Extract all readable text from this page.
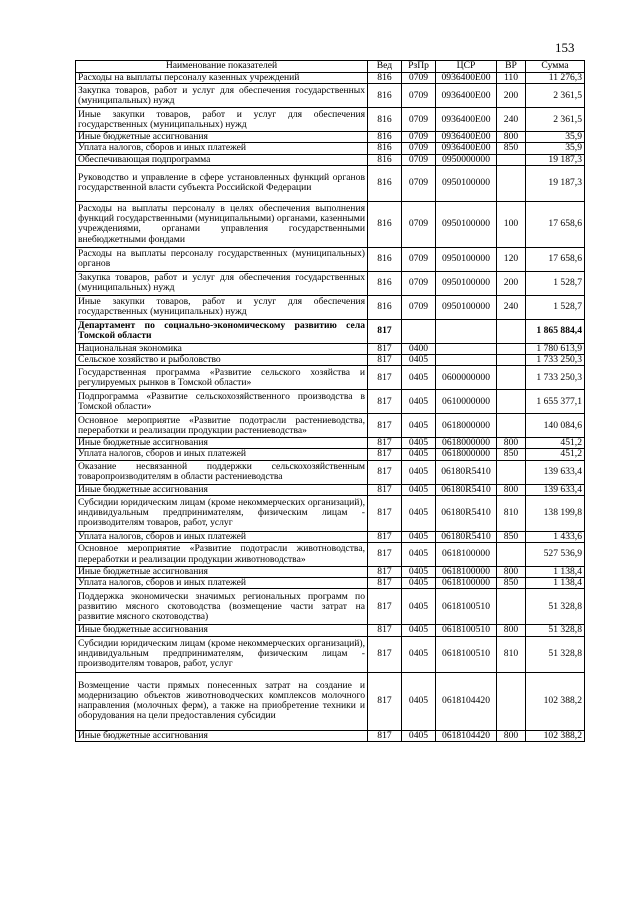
153
Наименование показателей	Вед	РзПр	ЦСР	ВР	Сумма
Расходы на выплаты персоналу казенных учреждений	816	0709	0936400Е00	110	11 276,3
Закупка товаров, работ и услуг для обеспечения государственных (муниципальных) нужд	816	0709	0936400Е00	200	2 361,5
Иные закупки товаров, работ и услуг для обеспечения государственных (муниципальных) нужд	816	0709	0936400Е00	240	2 361,5
Иные бюджетные ассигнования	816	0709	0936400Е00	800	35,9
Уплата налогов, сборов и иных платежей	816	0709	0936400Е00	850	35,9
Обеспечивающая подпрограмма	816	0709	0950000000		19 187,3
Руководство и управление в сфере установленных функций органов государственной власти субъекта Российской Федерации	816	0709	0950100000		19 187,3
Расходы на выплаты персоналу в целях обеспечения выполнения функций государственными (муниципальными) органами, казенными учреждениями, органами управления государственными внебюджетными фондами	816	0709	0950100000	100	17 658,6
Расходы на выплаты персоналу государственных (муниципальных) органов	816	0709	0950100000	120	17 658,6
Закупка товаров, работ и услуг для обеспечения государственных (муниципальных) нужд	816	0709	0950100000	200	1 528,7
Иные закупки товаров, работ и услуг для обеспечения государственных (муниципальных) нужд	816	0709	0950100000	240	1 528,7
Департамент по социально-экономическому развитию села Томской области	817				1 865 884,4
Национальная экономика	817	0400			1 780 613,9
Сельское хозяйство и рыболовство	817	0405			1 733 250,3
Государственная программа «Развитие сельского хозяйства и регулируемых рынков в Томской области»	817	0405	0600000000		1 733 250,3
Подпрограмма «Развитие сельскохозяйственного производства в Томской области»	817	0405	0610000000		1 655 377,1
Основное мероприятие «Развитие подотрасли растениеводства, переработки и реализации продукции растениеводства»	817	0405	0618000000		140 084,6
Иные бюджетные ассигнования	817	0405	0618000000	800	451,2
Уплата налогов, сборов и иных платежей	817	0405	0618000000	850	451,2
Оказание несвязанной поддержки сельскохозяйственным товаропроизводителям в области растениеводства	817	0405	06180R5410		139 633,4
Иные бюджетные ассигнования	817	0405	06180R5410	800	139 633,4
Субсидии юридическим лицам (кроме некоммерческих организаций), индивидуальным предпринимателям, физическим лицам - производителям товаров, работ, услуг	817	0405	06180R5410	810	138 199,8
Уплата налогов, сборов и иных платежей	817	0405	06180R5410	850	1 433,6
Основное мероприятие «Развитие подотрасли животноводства, переработки и реализации продукции животноводства»	817	0405	0618100000		527 536,9
Иные бюджетные ассигнования	817	0405	0618100000	800	1 138,4
Уплата налогов, сборов и иных платежей	817	0405	0618100000	850	1 138,4
Поддержка экономически значимых региональных программ по развитию мясного скотоводства (возмещение части затрат на развитие мясного скотоводства)	817	0405	0618100510		51 328,8
Иные бюджетные ассигнования	817	0405	0618100510	800	51 328,8
Субсидии юридическим лицам (кроме некоммерческих организаций), индивидуальным предпринимателям, физическим лицам - производителям товаров, работ, услуг	817	0405	0618100510	810	51 328,8
Возмещение части прямых понесенных затрат на создание и модернизацию объектов животноводческих комплексов молочного направления (молочных ферм), а также на приобретение техники и оборудования на цели предоставления субсидии	817	0405	0618104420		102 388,2
Иные бюджетные ассигнования	817	0405	0618104420	800	102 388,2
